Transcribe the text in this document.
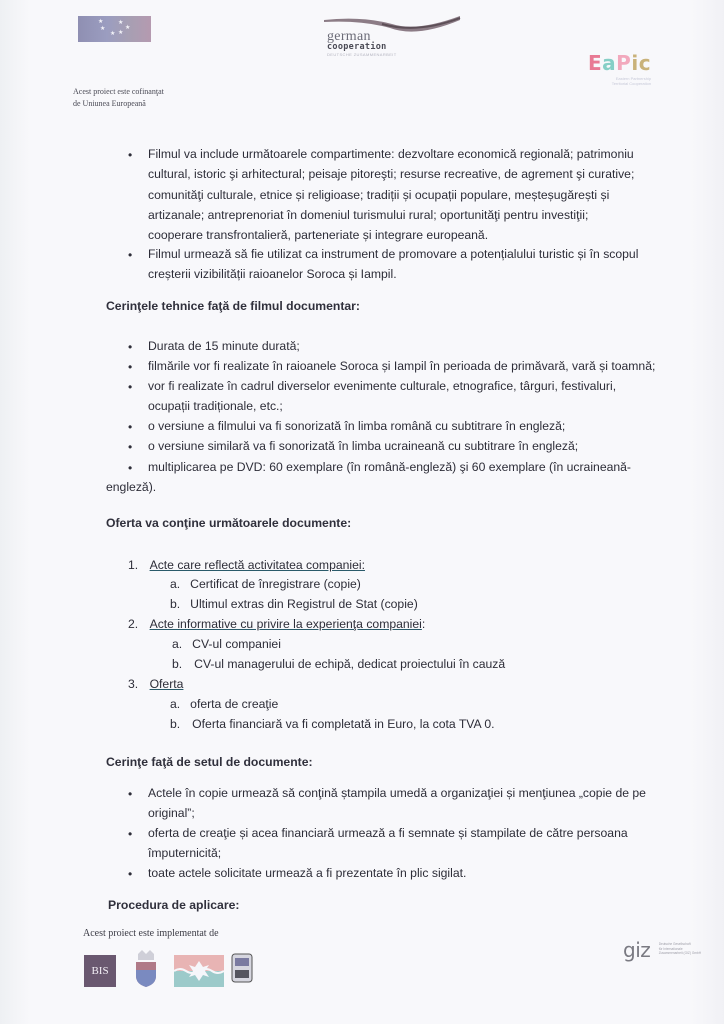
★ ★
★
★ ★
★
Acest proiect este cofinanţat
de Uniunea Europeană
german
cooperation
DEUTSCHE ZUSAMMENARBEIT	EaPic
Eastern Partnership
Territorial Cooperation
• Filmul va include următoarele compartimente: dezvoltare economică regională; patrimoniu
cultural, istoric şi arhitectural; peisaje pitoreşti; resurse recreative, de agrement şi curative;
comunităţi culturale, etnice și religioase; tradiții și ocupații populare, meșteșugărești și
artizanale; antreprenoriat în domeniul turismului rural; oportunităţi pentru investiţii;
cooperare transfrontalieră, parteneriate și integrare europeană.
• Filmul urmează să fie utilizat ca instrument de promovare a potențialului turistic și în scopul
creșterii vizibilității raioanelor Soroca și Iampil.
Cerinţele tehnice faţă de filmul documentar:
• Durata de 15 minute durată;
• filmările vor fi realizate în raioanele Soroca și Iampil în perioada de primăvară, vară și toamnă;
• vor fi realizate în cadrul diverselor evenimente culturale, etnografice, târguri, festivaluri,
ocupații tradiționale, etc.;
• o versiune a filmului va fi sonorizată în limba română cu subtitrare în engleză;
• o versiune similară va fi sonorizată în limba ucraineană cu subtitrare în engleză;
• multiplicarea pe DVD: 60 exemplare (în română-engleză) şi 60 exemplare (în ucraineană-
engleză).
Oferta va conţine următoarele documente:
1. Acte care reflectă activitatea companiei:
a. Certificat de înregistrare (copie)
b. Ultimul extras din Registrul de Stat (copie)
2. Acte informative cu privire la experienţa companiei:
a. CV-ul companiei
b. CV-ul managerului de echipă, dedicat proiectului în cauză
3. Oferta
a. oferta de creaţie
b. Oferta financiară va fi completată in Euro, la cota TVA 0.
Cerinţe faţă de setul de documente:
• Actele în copie urmează să conţină ștampila umedă a organizaţiei și menţiunea „copie de pe
original”;
• oferta de creaţie și acea financiară urmează a fi semnate și stampilate de către persoana
împuternicită;
• toate actele solicitate urmează a fi prezentate în plic sigilat.
Procedura de aplicare:
Acest proiect este implementat de
BIS
giz	Deutsche Gesellschaft
für Internationale
Zusammenarbeit (GIZ) GmbH
